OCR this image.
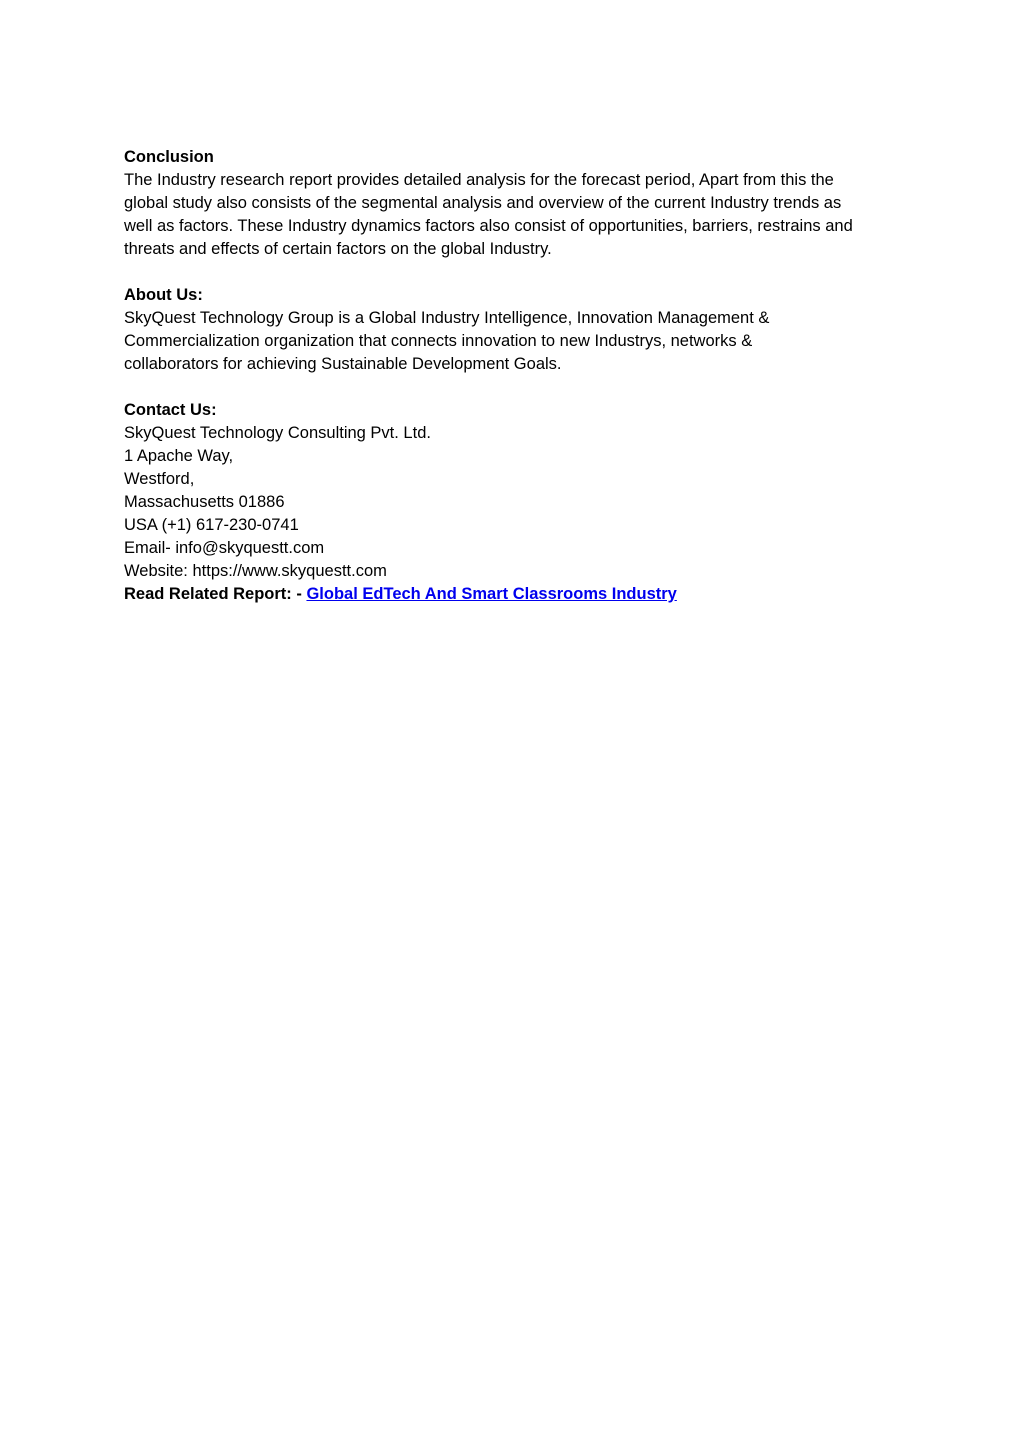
Conclusion
The Industry research report provides detailed analysis for the forecast period, Apart from this the
global study also consists of the segmental analysis and overview of the current Industry trends as
well as factors. These Industry dynamics factors also consist of opportunities, barriers, restrains and
threats and effects of certain factors on the global Industry.
About Us:
SkyQuest Technology Group is a Global Industry Intelligence, Innovation Management &
Commercialization organization that connects innovation to new Industrys, networks &
collaborators for achieving Sustainable Development Goals.
Contact Us:
SkyQuest Technology Consulting Pvt. Ltd.
1 Apache Way,
Westford,
Massachusetts 01886
USA (+1) 617-230-0741
Email- info@skyquestt.com
Website: https://www.skyquestt.com
Read Related Report: - Global EdTech And Smart Classrooms Industry
